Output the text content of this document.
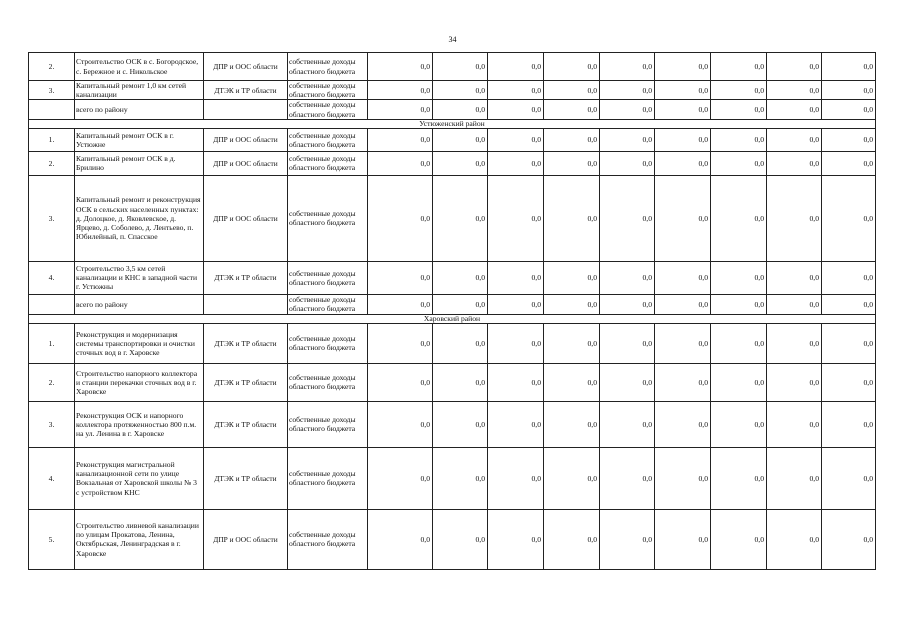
34
2.	Строительство ОСК в с. Богородское, с. Бережное и с. Никольское	ДПР и ООС области	собственные доходы областного бюджета	0,0	0,0	0,0	0,0	0,0	0,0	0,0	0,0	0,0
3.	Капитальный ремонт 1,0 км сетей канализации	ДТЭК и ТР области	собственные доходы областного бюджета	0,0	0,0	0,0	0,0	0,0	0,0	0,0	0,0	0,0
	всего по району		собственные доходы областного бюджета	0,0	0,0	0,0	0,0	0,0	0,0	0,0	0,0	0,0
Устюженский район												
1.	Капитальный ремонт ОСК в г. Устюжне	ДПР и ООС области	собственные доходы областного бюджета	0,0	0,0	0,0	0,0	0,0	0,0	0,0	0,0	0,0
2.	Капитальный ремонт ОСК в д. Брилино	ДПР и ООС области	собственные доходы областного бюджета	0,0	0,0	0,0	0,0	0,0	0,0	0,0	0,0	0,0
3.	Капитальный ремонт и реконструкция ОСК в сельских населенных пунктах: д. Долоцкое, д. Яковлевское, д. Ярцево, д. Соболево, д. Лентьево, п. Юбилейный, п. Спасское	ДПР и ООС области	собственные доходы областного бюджета	0,0	0,0	0,0	0,0	0,0	0,0	0,0	0,0	0,0
4.	Строительство 3,5 км сетей канализации и КНС в западной части г. Устюжны	ДТЭК и ТР области	собственные доходы областного бюджета	0,0	0,0	0,0	0,0	0,0	0,0	0,0	0,0	0,0
	всего по району		собственные доходы областного бюджета	0,0	0,0	0,0	0,0	0,0	0,0	0,0	0,0	0,0
Харовский район												
1.	Реконструкция и модернизация системы транспортировки и очистки сточных вод в г. Харовске	ДТЭК и ТР области	собственные доходы областного бюджета	0,0	0,0	0,0	0,0	0,0	0,0	0,0	0,0	0,0
2.	Строительство напорного коллектора и станции перекачки сточных вод в г. Харовске	ДТЭК и ТР области	собственные доходы областного бюджета	0,0	0,0	0,0	0,0	0,0	0,0	0,0	0,0	0,0
3.	Реконструкция ОСК и напорного коллектора протяженностью 800 п.м. на ул. Ленина в г. Харовске	ДТЭК и ТР области	собственные доходы областного бюджета	0,0	0,0	0,0	0,0	0,0	0,0	0,0	0,0	0,0
4.	Реконструкция магистральной канализационной сети по улице Вокзальная от Харовской школы № 3 с устройством КНС	ДТЭК и ТР области	собственные доходы областного бюджета	0,0	0,0	0,0	0,0	0,0	0,0	0,0	0,0	0,0
5.	Строительство ливневой канализации по улицам Прокатова, Ленина, Октябрьская, Ленинградская в г. Харовске	ДПР и ООС области	собственные доходы областного бюджета	0,0	0,0	0,0	0,0	0,0	0,0	0,0	0,0	0,0
